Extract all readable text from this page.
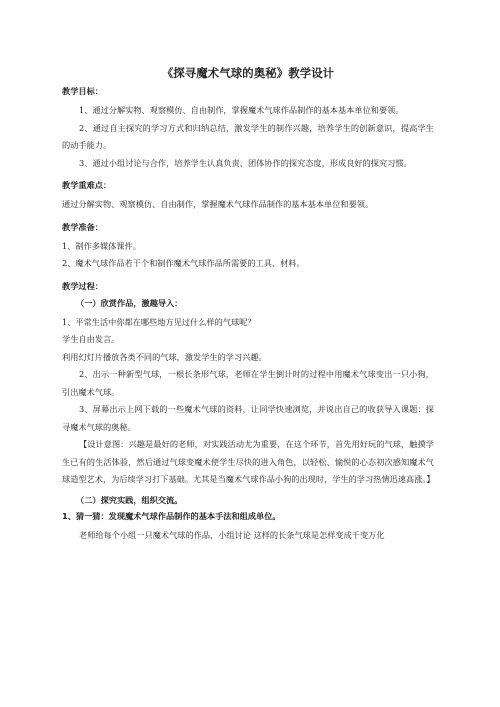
《探寻魔术气球的奥秘》教学设计
教学目标：

1、通过分解实物、观察模仿、自由制作，掌握魔术气球作品制作的基本基本单位和要领。

2、通过自主探究的学习方式和归纳总结，激发学生的制作兴趣，培养学生的创新意识，提高学生的动手能力。

3、通过小组讨论与合作，培养学生认真负责、团体协作的探究态度，形成良好的探究习惯。

教学重难点：

通过分解实物、观察模仿、自由制作，掌握魔术气球作品制作的基本基本单位和要领。

教学准备：

1、制作多媒体课件。

2、魔术气球作品若干个和制作魔术气球作品所需要的工具、材料。

教学过程：
（一）欣赏作品，激趣导入：

1、平常生活中你都在哪些地方见过什么样的气球呢？

学生自由发言。

利用幻灯片播放各类不同的气球，激发学生的学习兴趣。

2、出示一种新型气球，一根长条形气球，老师在学生倒计时的过程中用魔术气球变出一只小狗，引出魔术气球。

3、屏幕出示上网下载的一些魔术气球的资料，让同学快速浏览，并说出自己的收获导入课题：探寻魔术气球的奥秘。

【设计意图：兴趣是最好的老师，对实践活动尤为重要，在这个环节，首先用好玩的气球，触摸学生已有的生活体验，然后通过气球变魔术使学生尽快的进入角色，以轻松、愉悦的心态初次感知魔术气球造型艺术，为后续学习打下基础。尤其是当魔术气球作品小狗的出现时，学生的学习热情迅速高涨。】

（二）探究实践，组织交流。
1、猜一猜：发现魔术气球作品制作的基本手法和组成单位。

老师给每个小组一只魔术气球的作品，小组讨论 这样的长条气球是怎样变成千变万化
